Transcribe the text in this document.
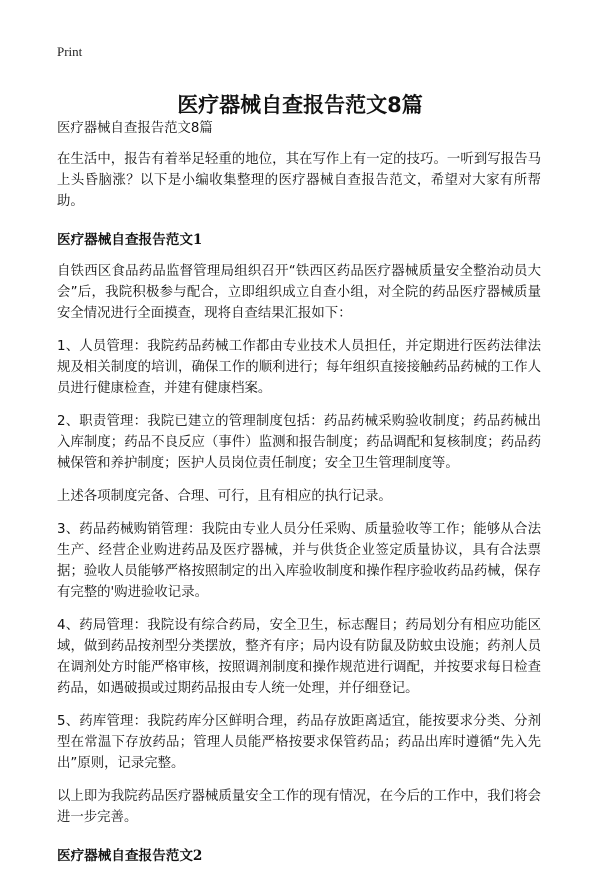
Print
医疗器械自查报告范文8篇

医疗器械自查报告范文8篇

在生活中，报告有着举足轻重的地位，其在写作上有一定的技巧。一听到写报告马上头昏脑涨？以下是小编收集整理的医疗器械自查报告范文，希望对大家有所帮助。

医疗器械自查报告范文1

自铁西区食品药品监督管理局组织召开“铁西区药品医疗器械质量安全整治动员大会”后，我院积极参与配合，立即组织成立自查小组，对全院的药品医疗器械质量安全情况进行全面摸查，现将自查结果汇报如下：

1、人员管理：我院药品药械工作都由专业技术人员担任，并定期进行医药法律法规及相关制度的培训，确保工作的顺利进行；每年组织直接接触药品药械的工作人员进行健康检查，并建有健康档案。

2、职责管理：我院已建立的管理制度包括：药品药械采购验收制度；药品药械出入库制度；药品不良反应（事件）监测和报告制度；药品调配和复核制度；药品药械保管和养护制度；医护人员岗位责任制度；安全卫生管理制度等。

上述各项制度完备、合理、可行，且有相应的执行记录。

3、药品药械购销管理：我院由专业人员分任采购、质量验收等工作；能够从合法生产、经营企业购进药品及医疗器械，并与供货企业签定质量协议，具有合法票据；验收人员能够严格按照制定的出入库验收制度和操作程序验收药品药械，保存有完整的'购进验收记录。

4、药局管理：我院设有综合药局，安全卫生，标志醒目；药局划分有相应功能区域，做到药品按剂型分类摆放，整齐有序；局内设有防鼠及防蚊虫设施；药剂人员在调剂处方时能严格审核，按照调剂制度和操作规范进行调配，并按要求每日检查药品，如遇破损或过期药品报由专人统一处理，并仔细登记。

5、药库管理：我院药库分区鲜明合理，药品存放距离适宜，能按要求分类、分剂型在常温下存放药品；管理人员能严格按要求保管药品；药品出库时遵循“先入先出”原则，记录完整。

以上即为我院药品医疗器械质量安全工作的现有情况，在今后的工作中，我们将会进一步完善。

医疗器械自查报告范文2
